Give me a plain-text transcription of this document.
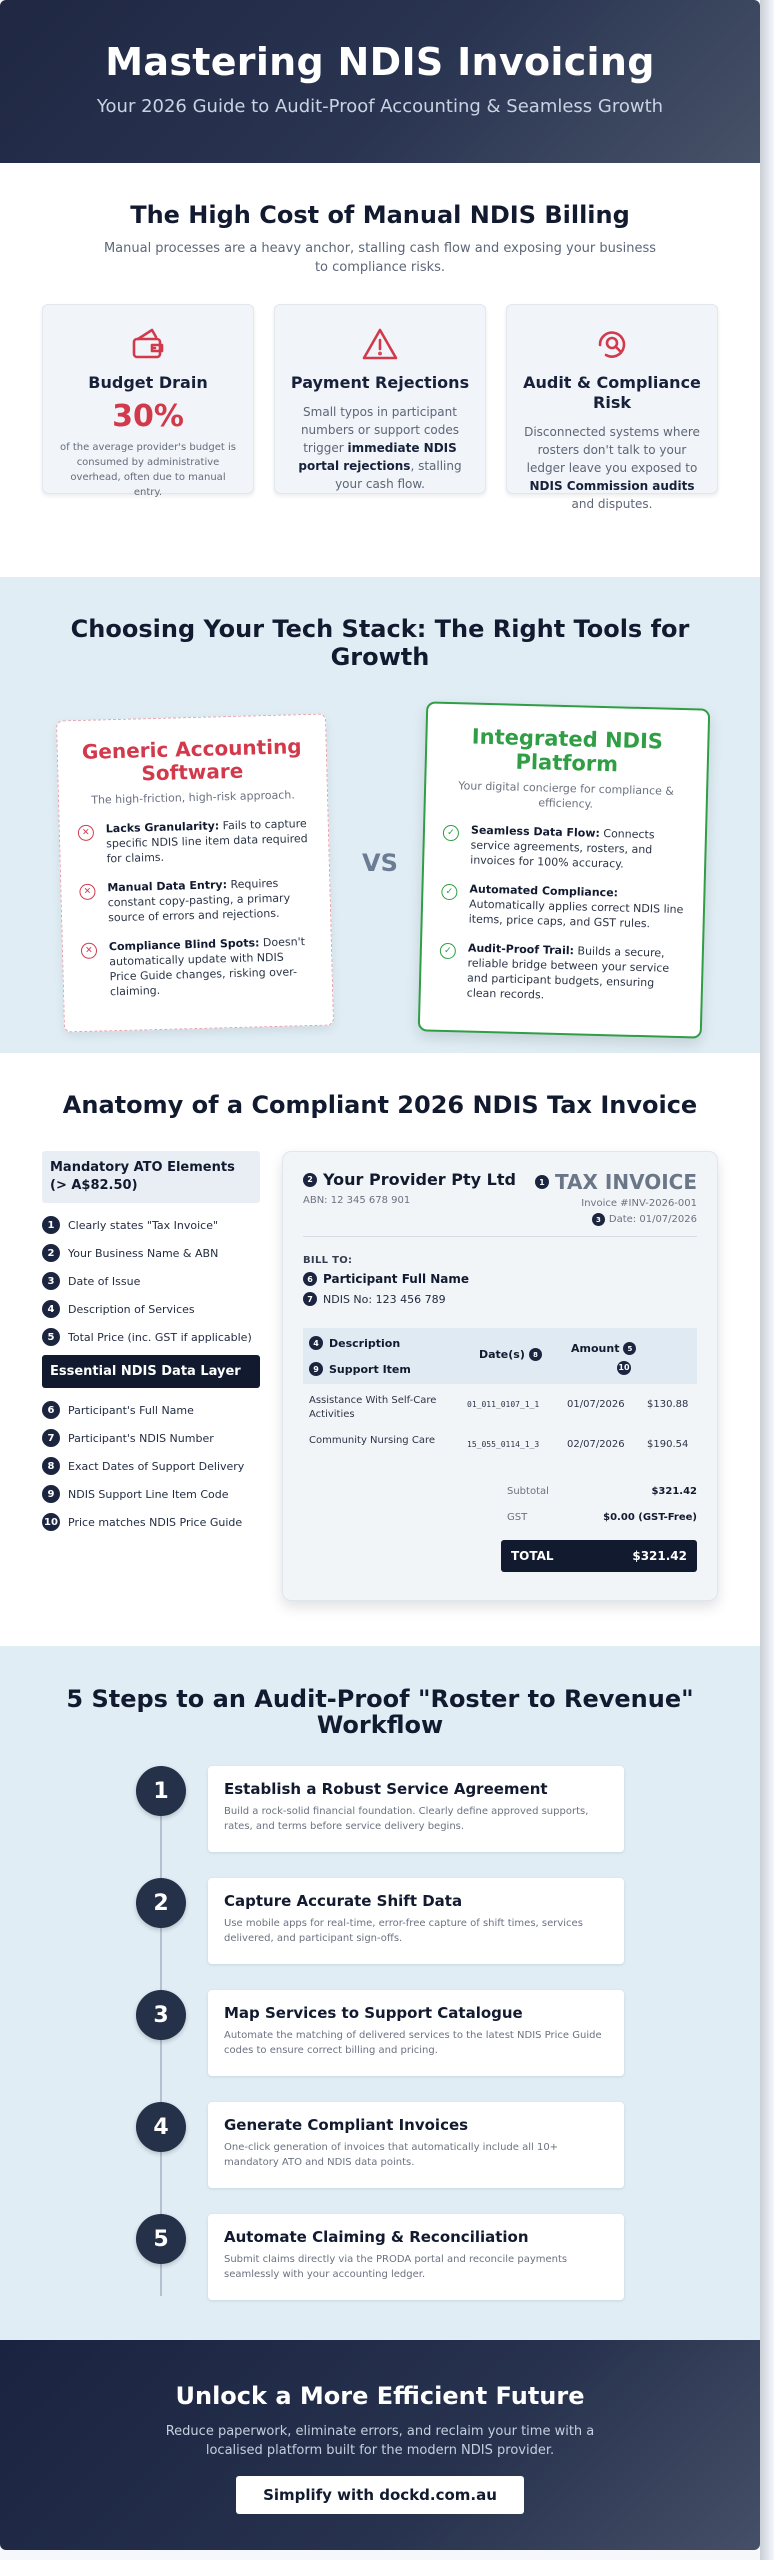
Mastering NDIS Invoicing

Your 2026 Guide to Audit-Proof Accounting & Seamless Growth

The High Cost of Manual NDIS Billing

Manual processes are a heavy anchor, stalling cash flow and exposing your business to compliance risks.

Budget Drain
30%

of the average provider's budget is consumed by administrative overhead, often due to manual entry.

Payment Rejections

Small typos in participant numbers or support codes trigger immediate NDIS portal rejections, stalling your cash flow.

Audit & Compliance Risk

Disconnected systems where rosters don't talk to your ledger leave you exposed to NDIS Commission audits and disputes.

Choosing Your Tech Stack: The Right Tools for Growth
Generic Accounting Software

The high-friction, high-risk approach.

✕	Lacks Granularity: Fails to capture specific NDIS line item data required for claims.
✕	Manual Data Entry: Requires constant copy-pasting, a primary source of errors and rejections.
✕	Compliance Blind Spots: Doesn't automatically update with NDIS Price Guide changes, risking over-claiming.
VS
Integrated NDIS Platform

Your digital concierge for compliance & efficiency.

✓	Seamless Data Flow: Connects service agreements, rosters, and invoices for 100% accuracy.
✓	Automated Compliance: Automatically applies correct NDIS line items, price caps, and GST rules.
✓	Audit-Proof Trail: Builds a secure, reliable bridge between your service and participant budgets, ensuring clean records.
Anatomy of a Compliant 2026 NDIS Tax Invoice
Mandatory ATO Elements (> A$82.50)
1	Clearly states "Tax Invoice"
2	Your Business Name & ABN
3	Date of Issue
4	Description of Services
5	Total Price (inc. GST if applicable)
Essential NDIS Data Layer
6	Participant's Full Name
7	Participant's NDIS Number
8	Exact Dates of Support Delivery
9	NDIS Support Line Item Code
10 Price matches NDIS Price Guide
2 Your Provider Pty Ltd
ABN: 12 345 678 901
1 TAX INVOICE
Invoice #INV-2026-001
3 Date: 01/07/2026
BILL TO:
6 Participant Full Name
7 NDIS No: 123 456 789
4 Description
9 Support Item
Date(s)	8	Amount	5
10
Assistance With Self-Care Activities
01_011_0107_1_1	01/07/2026 $130.88
Community Nursing Care	15_055_0114_1_3	02/07/2026 $190.54
Subtotal	$321.42
GST	$0.00 (GST-Free)
TOTAL	$321.42
5 Steps to an Audit-Proof "Roster to Revenue" Workflow
1	Establish a Robust Service Agreement

Build a rock-solid financial foundation. Clearly define approved supports, rates, and terms before service delivery begins.

2	Capture Accurate Shift Data

Use mobile apps for real-time, error-free capture of shift times, services delivered, and participant sign-offs.

3	Map Services to Support Catalogue

Automate the matching of delivered services to the latest NDIS Price Guide codes to ensure correct billing and pricing.

4	Generate Compliant Invoices

One-click generation of invoices that automatically include all 10+ mandatory ATO and NDIS data points.

5	Automate Claiming & Reconciliation

Submit claims directly via the PRODA portal and reconcile payments seamlessly with your accounting ledger.

Unlock a More Efficient Future

Reduce paperwork, eliminate errors, and reclaim your time with a localised platform built for the modern NDIS provider.

Simplify with dockd.com.au
